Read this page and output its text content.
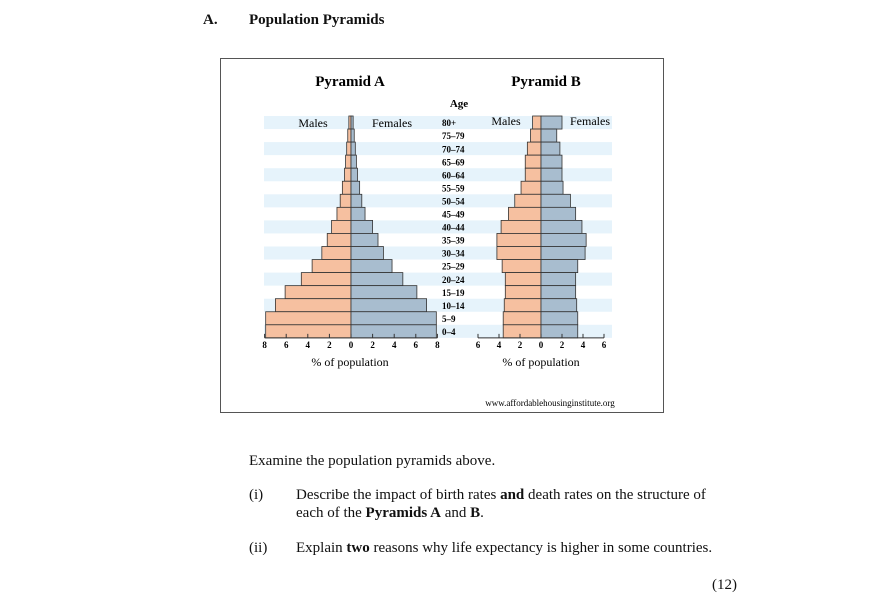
A. Population Pyramids
8 6 4 2 0 2 4 6 8	6 4 2 0 2 4 6
80+
75–79
70–74
65–69
60–64
55–59
50–54
45–49
40–44
35–39
30–34
25–29
20–24
15–19
10–14
5–9
0–4
Pyramid A	Pyramid B
Age
Males	Females	Males	Females
% of population	% of population
www.affordablehousinginstitute.org
Examine the population pyramids above.
(i) Describe the impact of birth rates and death rates on the structure of
each of the Pyramids A and B.
(ii) Explain two reasons why life expectancy is higher in some countries.
(12)
